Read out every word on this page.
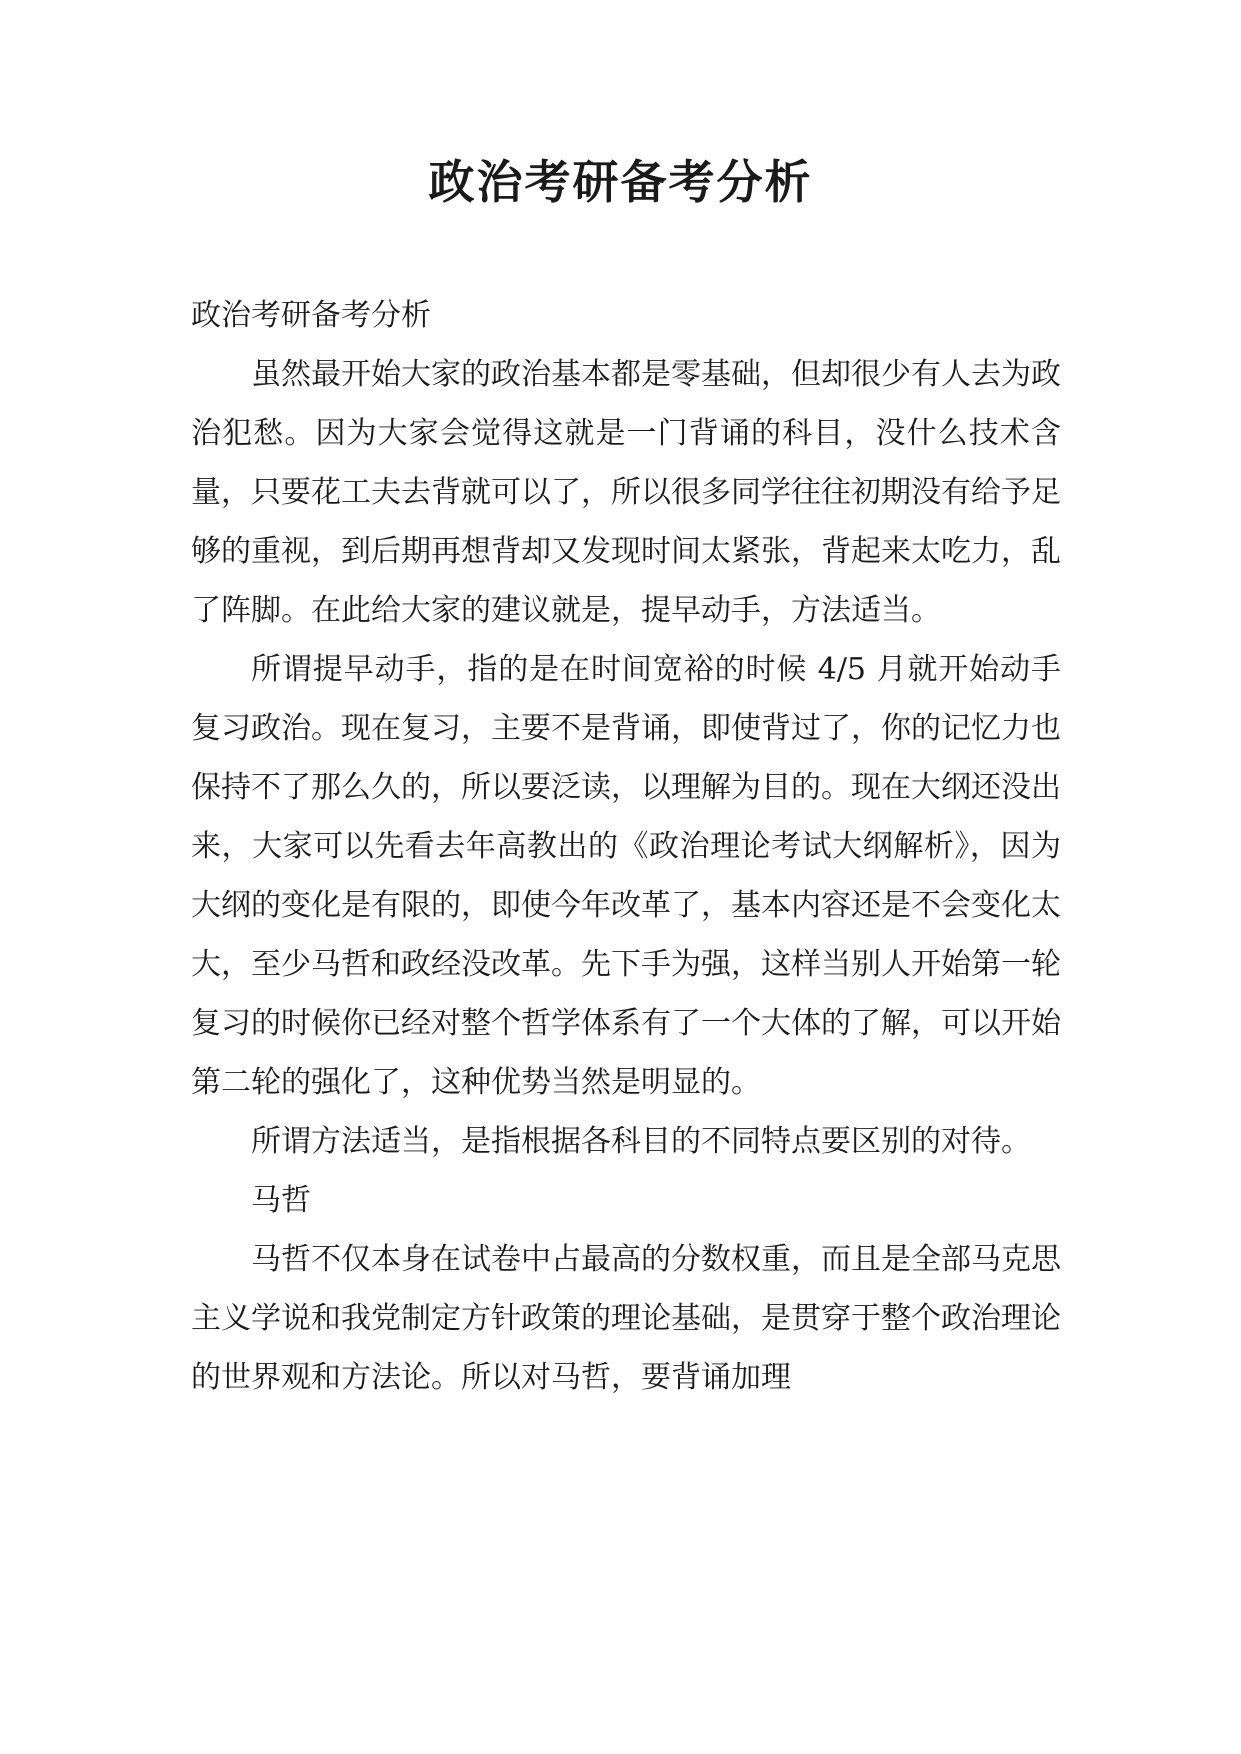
政治考研备考分析

政治考研备考分析

虽然最开始大家的政治基本都是零基础，但却很少有人去为政治犯愁。因为大家会觉得这就是一门背诵的科目，没什么技术含量，只要花工夫去背就可以了，所以很多同学往往初期没有给予足够的重视，到后期再想背却又发现时间太紧张，背起来太吃力，乱了阵脚。在此给大家的建议就是，提早动手，方法适当。

所谓提早动手，指的是在时间宽裕的时候 4/5 月就开始动手复习政治。现在复习，主要不是背诵，即使背过了，你的记忆力也保持不了那么久的，所以要泛读，以理解为目的。现在大纲还没出来，大家可以先看去年高教出的《政治理论考试大纲解析》，因为大纲的变化是有限的，即使今年改革了，基本内容还是不会变化太大，至少马哲和政经没改革。先下手为强，这样当别人开始第一轮复习的时候你已经对整个哲学体系有了一个大体的了解，可以开始第二轮的强化了，这种优势当然是明显的。

所谓方法适当，是指根据各科目的不同特点要区别的对待。

马哲

马哲不仅本身在试卷中占最高的分数权重，而且是全部马克思主义学说和我党制定方针政策的理论基础，是贯穿于整个政治理论的世界观和方法论。所以对马哲，要背诵加理
